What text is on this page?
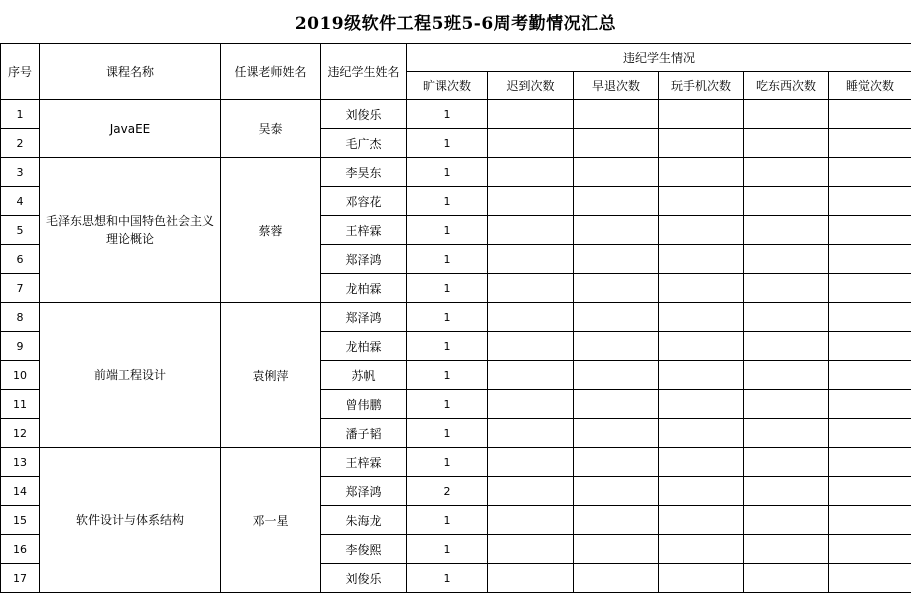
2019级软件工程5班5-6周考勤情况汇总
序号	课程名称	任课老师姓名	违纪学生姓名	违纪学生情况					
				旷课次数	迟到次数	早退次数	玩手机次数	吃东西次数	睡觉次数
1	JavaEE	吴泰	刘俊乐	1					
2			毛广杰	1					
3	毛泽东思想和中国特色社会主义理论概论	蔡蓉	李昊东	1					
4			邓容花	1					
5			王梓霖	1					
6			郑泽鸿	1					
7			龙柏霖	1					
8	前端工程设计	袁俐萍	郑泽鸿	1					
9			龙柏霖	1					
10			苏帆	1					
11			曾伟鹏	1					
12			潘子韬	1					
13	软件设计与体系结构	邓一星	王梓霖	1					
14			郑泽鸿	2					
15			朱海龙	1					
16			李俊熙	1					
17			刘俊乐	1					
